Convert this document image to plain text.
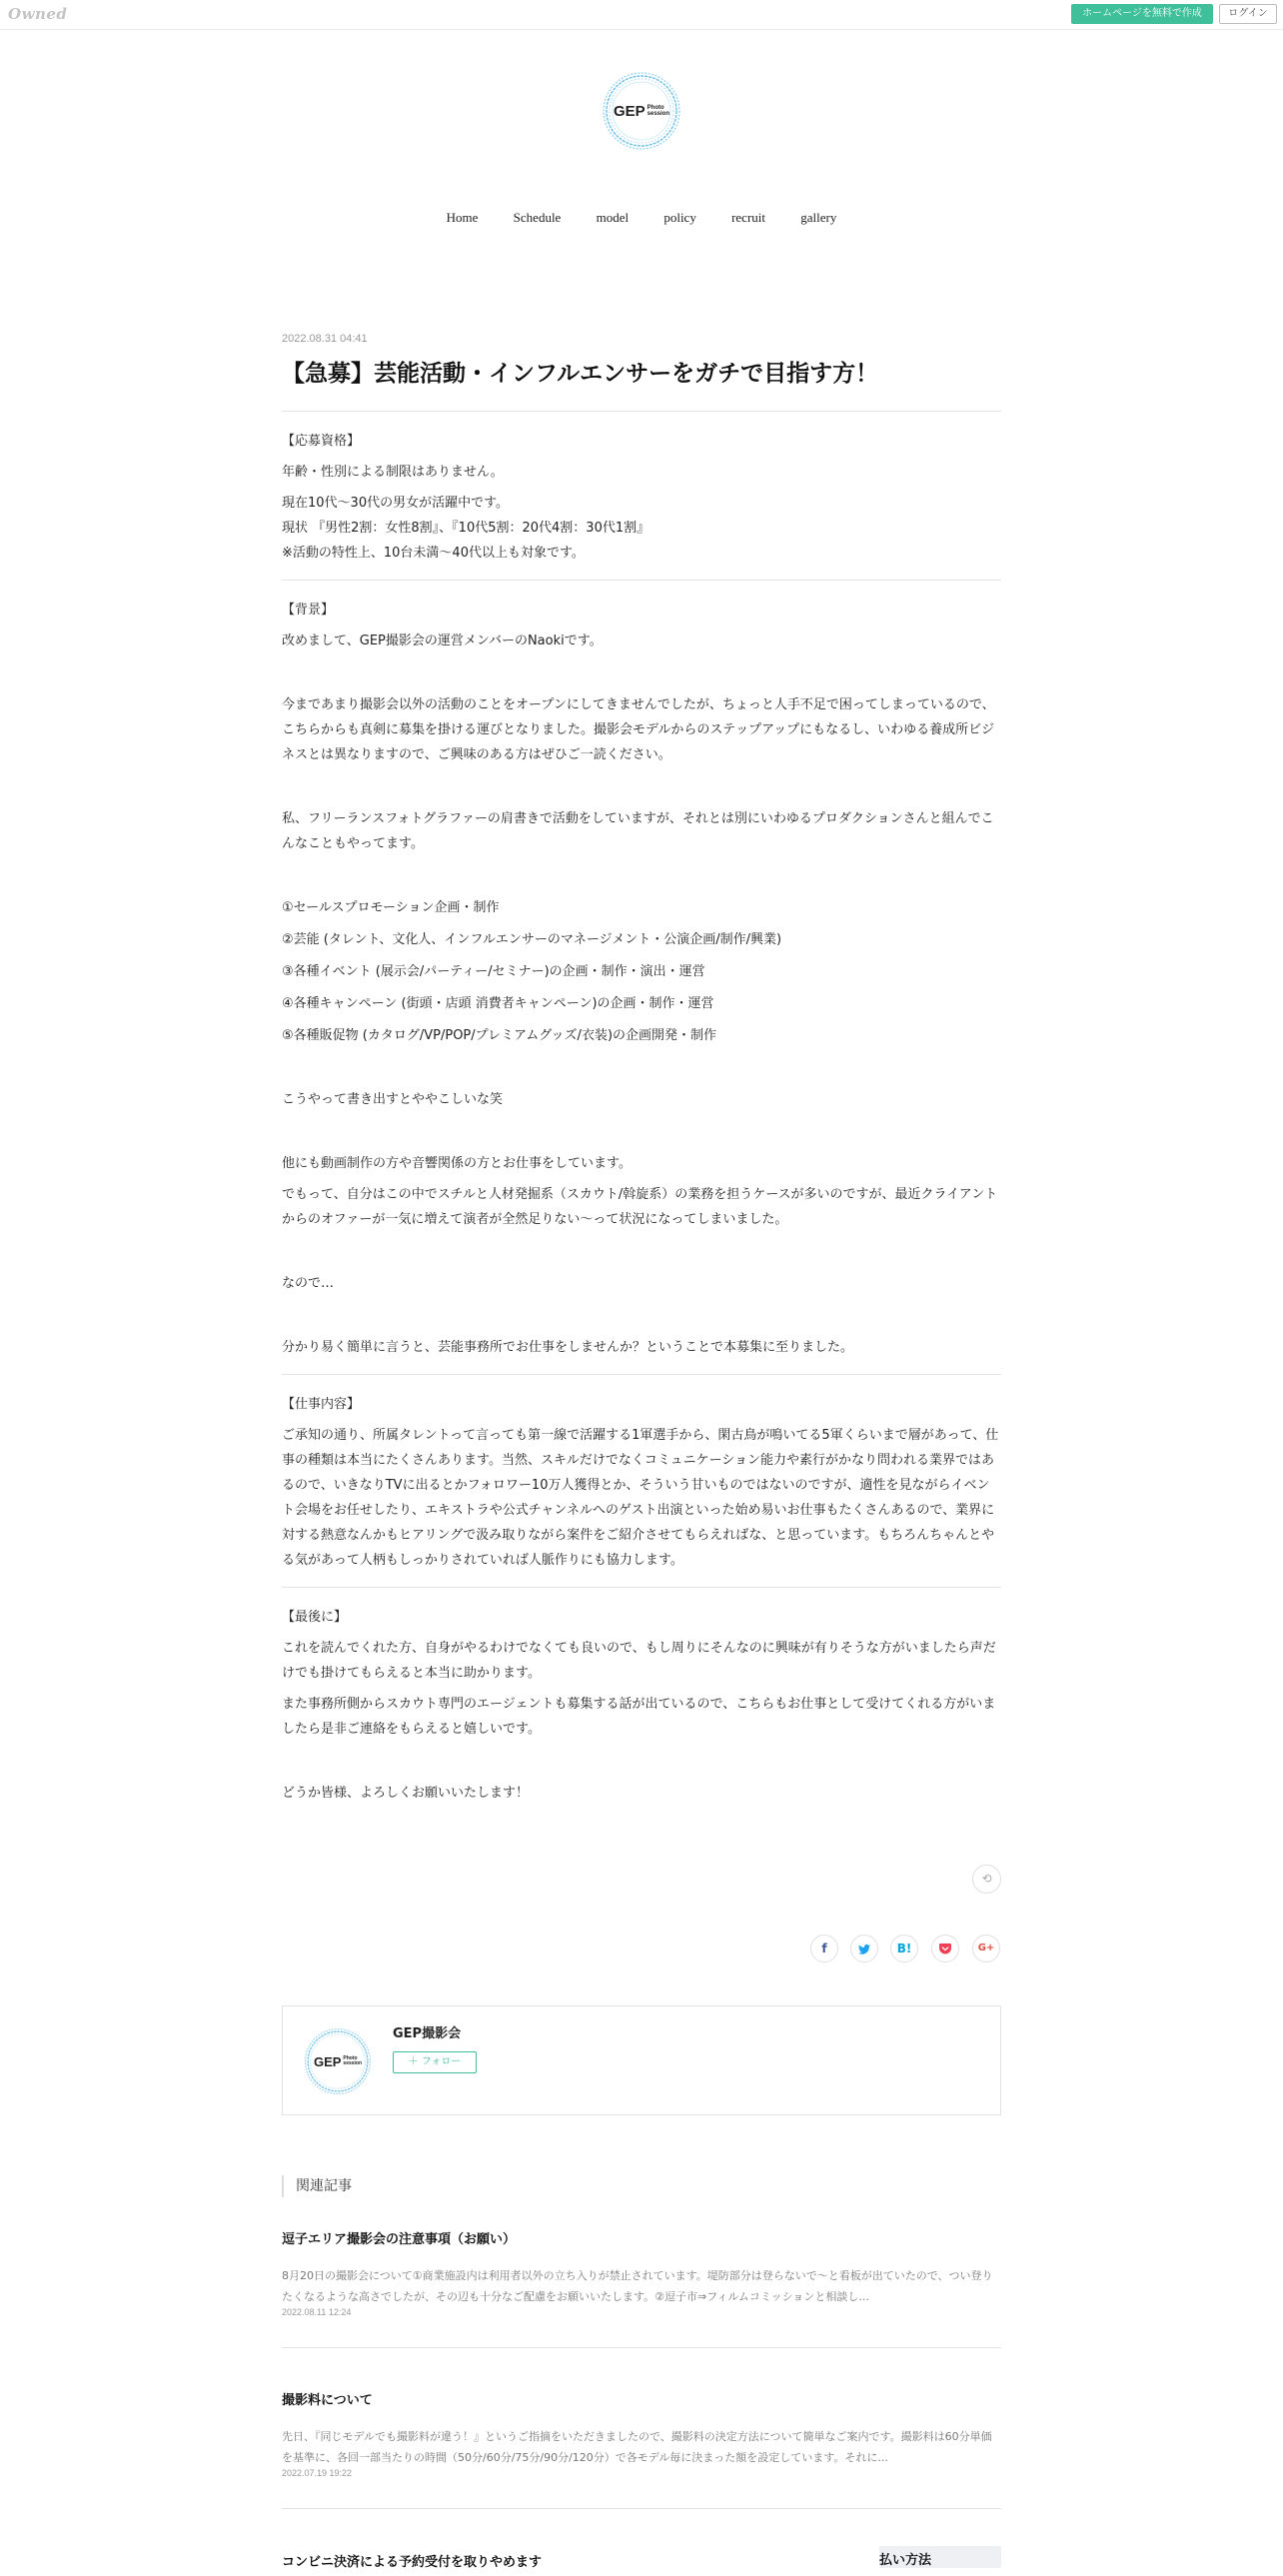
Owned	ホームページを無料で作成	ログイン
GEP Photo
session
Home	Schedule	model	policy	recruit	gallery
2022.08.31 04:41
【急募】芸能活動・インフルエンサーをガチで目指す方！

【応募資格】

年齢・性別による制限はありません。

現在10代～30代の男女が活躍中です。

現状 『男性2割：女性8割』、『10代5割：20代4割：30代1割』

※活動の特性上、10台未満～40代以上も対象です。

【背景】

改めまして、GEP撮影会の運営メンバーのNaokiです。

今まであまり撮影会以外の活動のことをオープンにしてきませんでしたが、ちょっと人手不足で困ってしまっているので、こちらからも真剣に募集を掛ける運びとなりました。撮影会モデルからのステップアップにもなるし、いわゆる養成所ビジネスとは異なりますので、ご興味のある方はぜひご一読ください。

私、フリーランスフォトグラファーの肩書きで活動をしていますが、それとは別にいわゆるプロダクションさんと組んでこんなこともやってます。

①セールスプロモーション企画・制作

②芸能 (タレント、文化人、インフルエンサーのマネージメント・公演企画/制作/興業)

③各種イベント (展示会/パーティー/セミナー)の企画・制作・演出・運営

④各種キャンペーン (街頭・店頭 消費者キャンペーン)の企画・制作・運営

⑤各種販促物 (カタログ/VP/POP/プレミアムグッズ/衣装)の企画開発・制作

こうやって書き出すとややこしいな笑

他にも動画制作の方や音響関係の方とお仕事をしています。

でもって、自分はこの中でスチルと人材発掘系（スカウト/斡旋系）の業務を担うケースが多いのですが、最近クライアントからのオファーが一気に増えて演者が全然足りない～って状況になってしまいました。

なので…

分かり易く簡単に言うと、芸能事務所でお仕事をしませんか？ということで本募集に至りました。

【仕事内容】

ご承知の通り、所属タレントって言っても第一線で活躍する1軍選手から、閑古鳥が鳴いてる5軍くらいまで層があって、仕事の種類は本当にたくさんあります。当然、スキルだけでなくコミュニケーション能力や素行がかなり問われる業界ではあるので、いきなりTVに出るとかフォロワー10万人獲得とか、そういう甘いものではないのですが、適性を見ながらイベント会場をお任せしたり、エキストラや公式チャンネルへのゲスト出演といった始め易いお仕事もたくさんあるので、業界に対する熱意なんかもヒアリングで汲み取りながら案件をご紹介させてもらえればな、と思っています。もちろんちゃんとやる気があって人柄もしっかりされていれば人脈作りにも協力します。

【最後に】

これを読んでくれた方、自身がやるわけでなくても良いので、もし周りにそんなのに興味が有りそうな方がいましたら声だけでも掛けてもらえると本当に助かります。

また事務所側からスカウト専門のエージェントも募集する話が出ているので、こちらもお仕事として受けてくれる方がいましたら是非ご連絡をもらえると嬉しいです。

どうか皆様、よろしくお願いいたします！

⟲
f	B!	G+
GEP Photo
session
GEP撮影会
＋ フォロー
関連記事
逗子エリア撮影会の注意事項（お願い）
8月20日の撮影会について①商業施設内は利用者以外の立ち入りが禁止されています。堤防部分は登らないで～と看板が出ていたので、つい登りたくなるような高さでしたが、その辺も十分なご配慮をお願いいたします。②逗子市⇒フィルムコミッションと相談し...
2022.08.11 12:24
撮影料について
先日、『同じモデルでも撮影料が違う！』というご指摘をいただきましたので、撮影料の決定方法について簡単なご案内です。撮影料は60分単価を基準に、各回一部当たりの時間（50分/60分/75分/90分/120分）で各モデル毎に決まった額を設定しています。それに...
2022.07.19 19:22
コンビニ決済による予約受付を取りやめます	払い方法
